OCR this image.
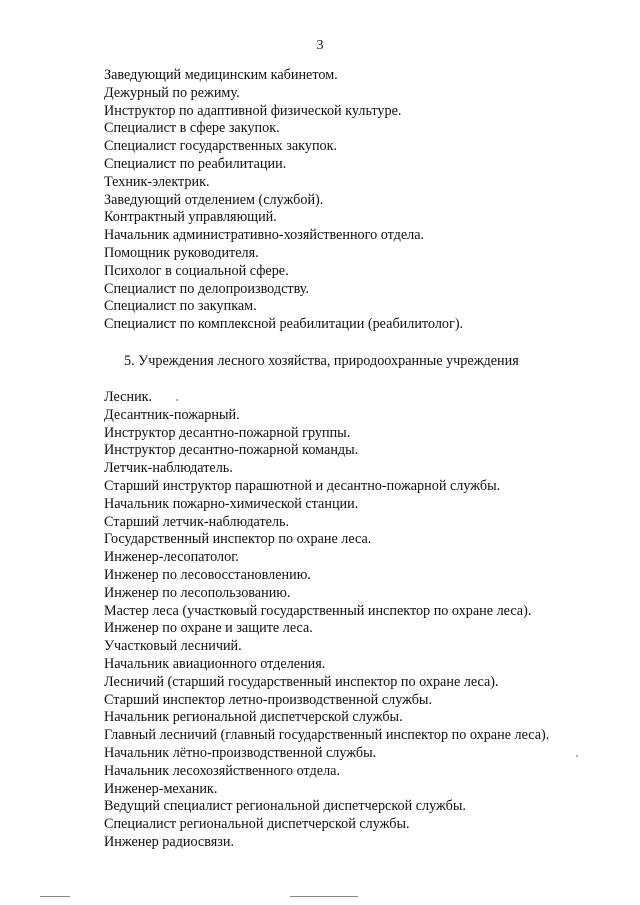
3
Заведующий медицинским кабинетом.
Дежурный по режиму.
Инструктор по адаптивной физической культуре.
Специалист в сфере закупок.
Специалист государственных закупок.
Специалист по реабилитации.
Техник-электрик.
Заведующий отделением (службой).
Контрактный управляющий.
Начальник административно-хозяйственного отдела.
Помощник руководителя.
Психолог в социальной сфере.
Специалист по делопроизводству.
Специалист по закупкам.
Специалист по комплексной реабилитации (реабилитолог).
5. Учреждения лесного хозяйства, природоохранные учреждения
Лесник.
Десантник-пожарный.
Инструктор десантно-пожарной группы.
Инструктор десантно-пожарной команды.
Летчик-наблюдатель.
Старший инструктор парашютной и десантно-пожарной службы.
Начальник пожарно-химической станции.
Старший летчик-наблюдатель.
Государственный инспектор по охране леса.
Инженер-лесопатолог.
Инженер по лесовосстановлению.
Инженер по лесопользованию.
Мастер леса (участковый государственный инспектор по охране леса).
Инженер по охране и защите леса.
Участковый лесничий.
Начальник авиационного отделения.
Лесничий (старший государственный инспектор по охране леса).
Старший инспектор летно-производственной службы.
Начальник региональной диспетчерской службы.
Главный лесничий (главный государственный инспектор по охране леса).
Начальник лётно-производственной службы.
Начальник лесохозяйственного отдела.
Инженер-механик.
Ведущий специалист региональной диспетчерской службы.
Специалист региональной диспетчерской службы.
Инженер радиосвязи.
